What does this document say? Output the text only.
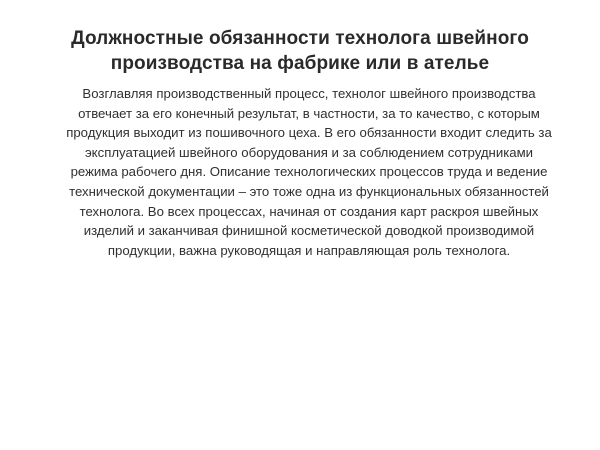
Должностные обязанности технолога швейного производства на фабрике или в ателье

Возглавляя производственный процесс, технолог швейного производства отвечает за его конечный результат, в частности, за то качество, с которым продукция выходит из пошивочного цеха. В его обязанности входит следить за эксплуатацией швейного оборудования и за соблюдением сотрудниками режима рабочего дня. Описание технологических процессов труда и ведение технической документации – это тоже одна из функциональных обязанностей технолога. Во всех процессах, начиная от создания карт раскроя швейных изделий и заканчивая финишной косметической доводкой производимой продукции, важна руководящая и направляющая роль технолога.
